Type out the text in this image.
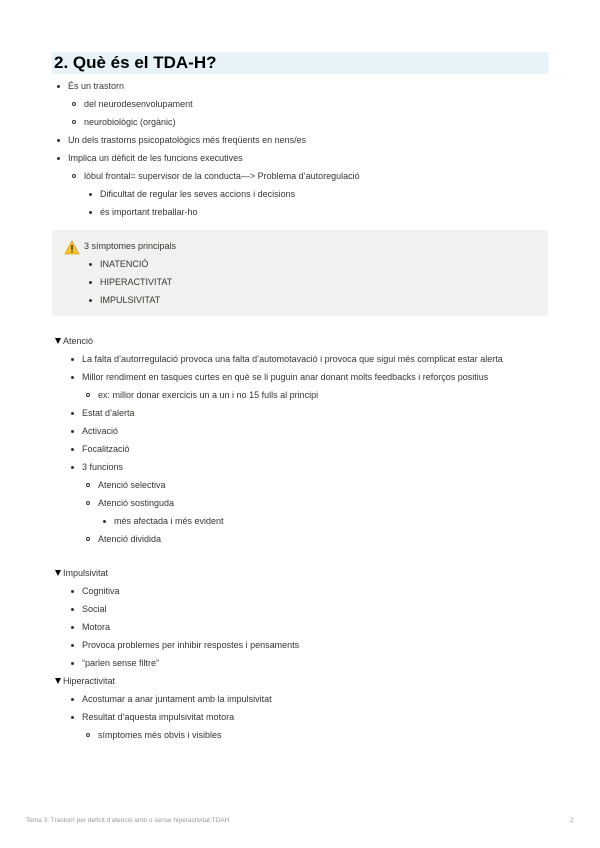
2. Què és el TDA-H?
És un trastorn
del neurodesenvolupament
neurobiològic (orgànic)
Un dels trastorns psicopatològics més freqüents en nens/es
Implica un dèficit de les funcions executives
lòbul frontal= supervisor de la conducta—> Problema d’autoregulació
Dificultat de regular les seves accions i decisions
és important treballar-ho
3 símptomes principals
INATENCIÓ
HIPERACTIVITAT
IMPULSIVITAT
Atenció
La falta d’autorregulació provoca una falta d’automotavació i provoca que sigui més complicat estar alerta
Millor rendiment en tasques curtes en què se li puguin anar donant molts feedbacks i reforços positius
ex: millor donar exercicis un a un i no 15 fulls al principi
Estat d’alerta
Activació
Focalització
3 funcions
Atenció selectiva
Atenció sostinguda
més afectada i més evident
Atenció dividida
Impulsivitat
Cognitiva
Social
Motora
Provoca problemes per inhibir respostes i pensaments
“parlen sense filtre”
Hiperactivitat
Acostumar a anar juntament amb la impulsivitat
Resultat d’aquesta impulsivitat motora
símptomes més obvis i visibles
Tema 3: Trastorn per dèficit d’atenció amb o sense hiperactivitat TDAH	2
